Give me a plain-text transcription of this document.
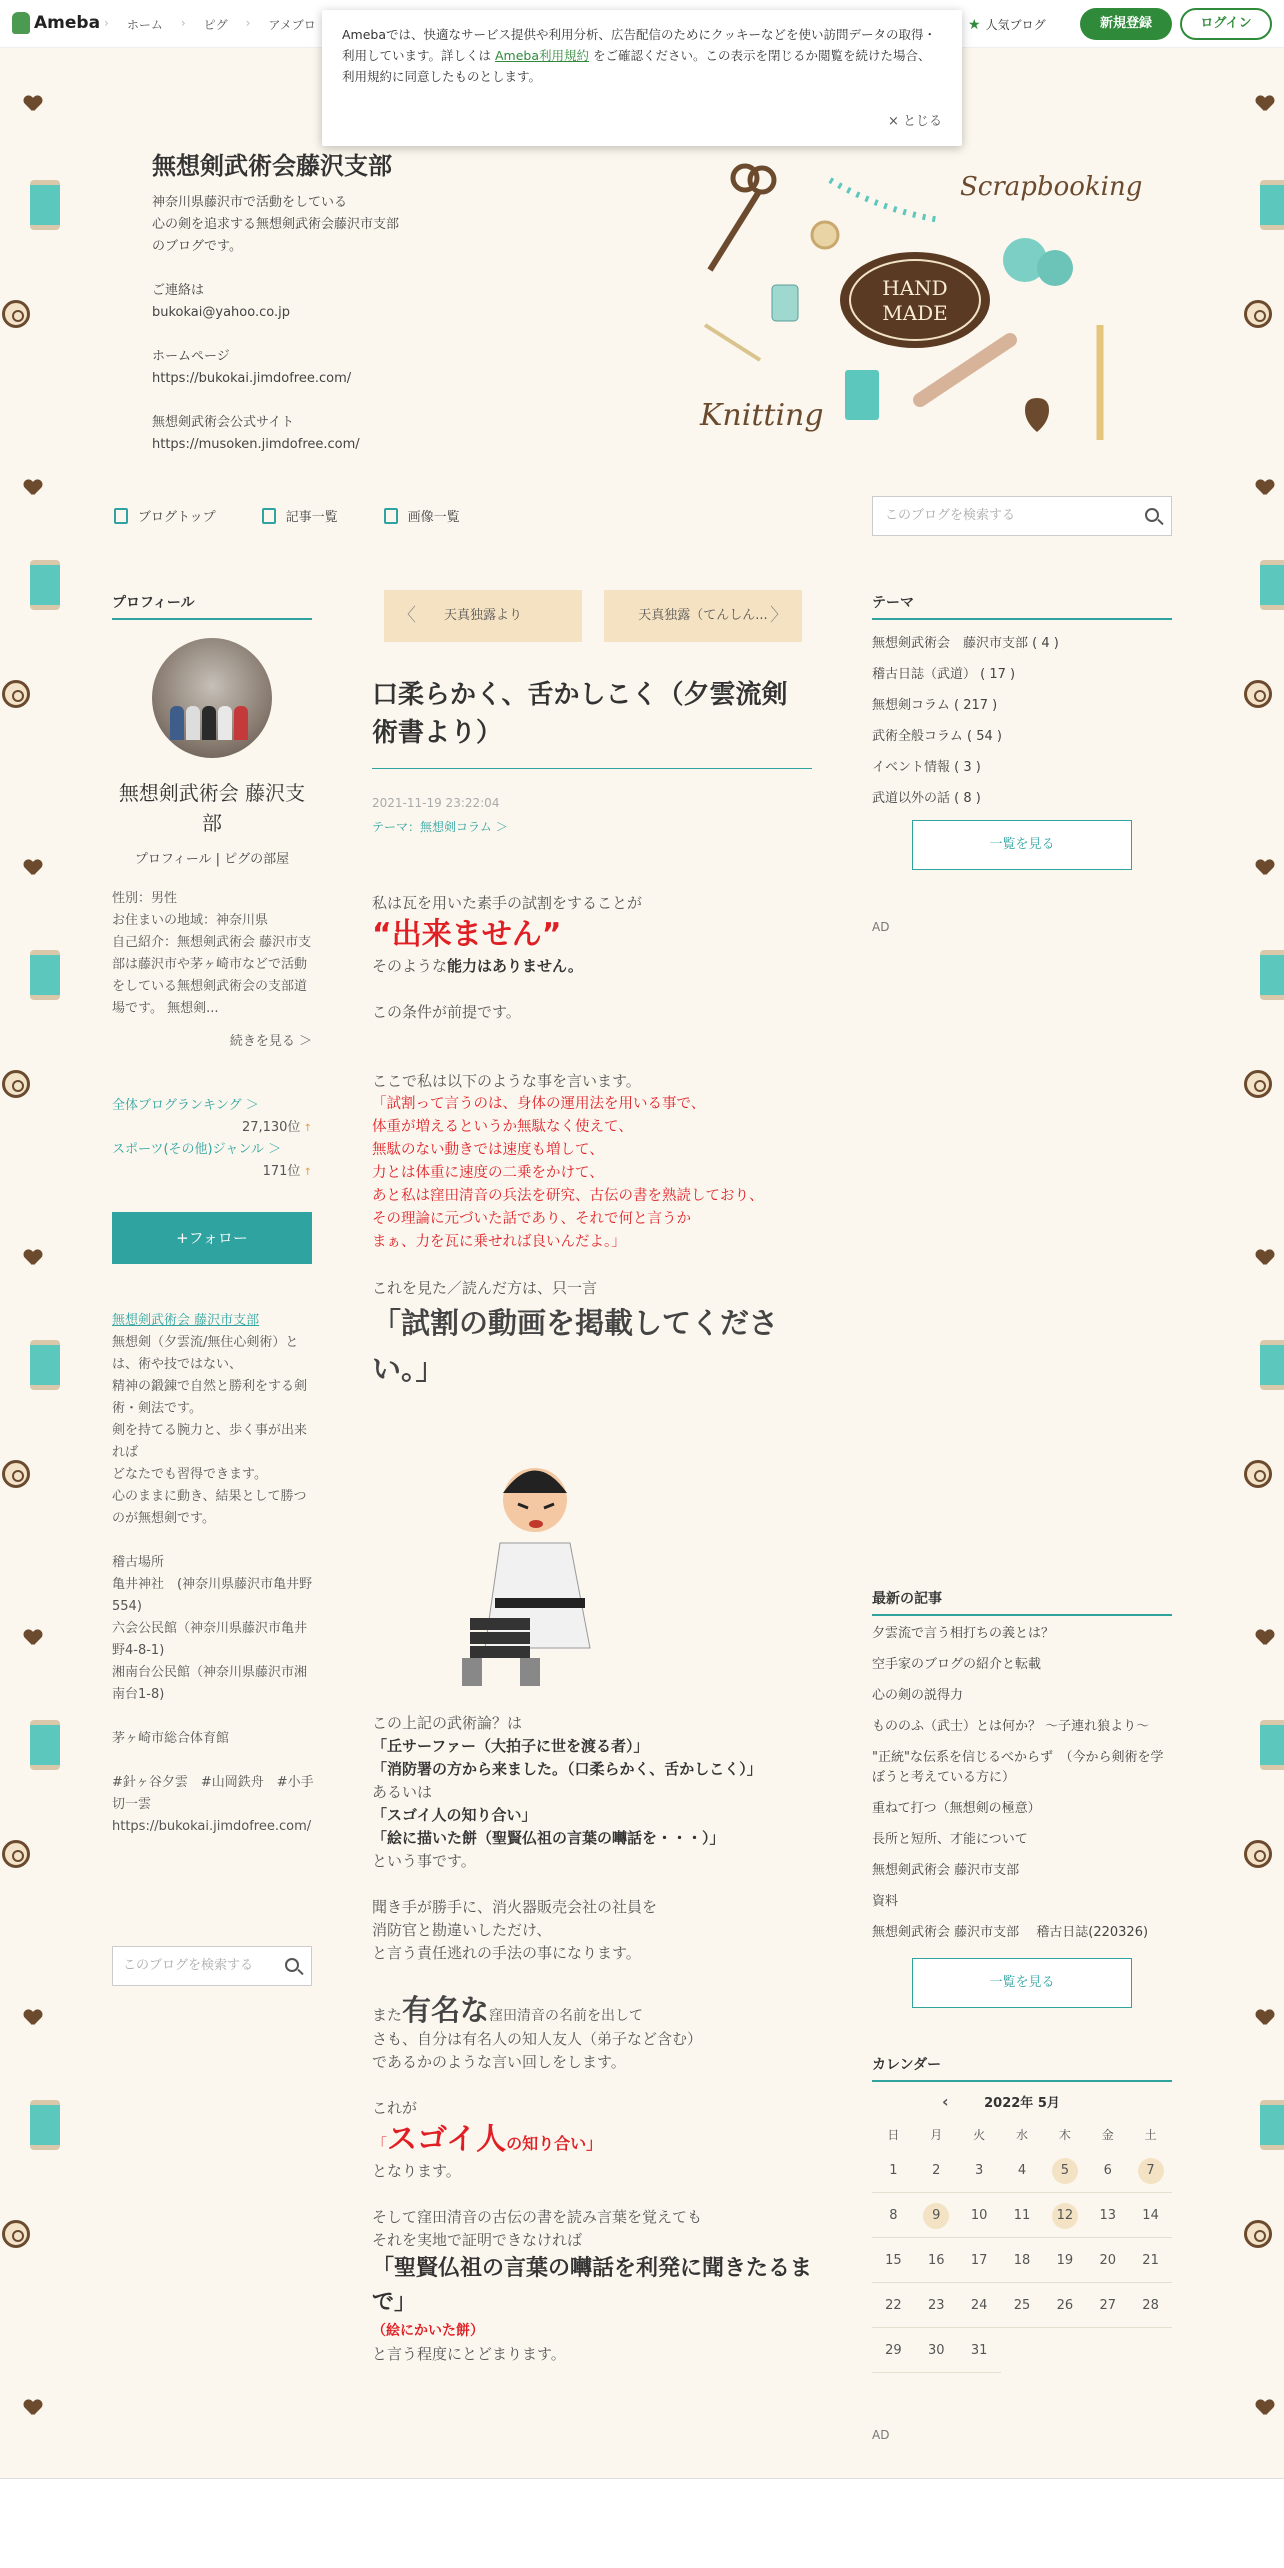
Ameba › ホーム › ピグ › アメブロ	★ 人気ブログ	新規登録	ログイン
Amebaでは、快適なサービス提供や利用分析、広告配信のためにクッキーなどを使い訪問データの取得・利用しています。詳しくは Ameba利用規約 をご確認ください。この表示を閉じるか閲覧を続けた場合、利用規約に同意したものとします。
× とじる
無想剣武術会藤沢支部
神奈川県藤沢市で活動をしている
心の剣を追求する無想剣武術会藤沢市支部
のブログです。

ご連絡は
bukokai@yahoo.co.jp

ホームページ
https://bukokai.jimdofree.com/

無想剣武術会公式サイト
https://musoken.jimdofree.com/
Scrapbooking
HAND
MADE
Knitting
ブログトップ	記事一覧	画像一覧	このブログを検索する
プロフィール
無想剣武術会 藤沢支部
プロフィール | ピグの部屋
性別：男性
お住まいの地域：神奈川県
自己紹介：無想剣武術会 藤沢市支部は藤沢市や茅ヶ崎市などで活動をしている無想剣武術会の支部道場です。 無想剣...
続きを見る ＞
全体ブログランキング ＞
27,130位 ↑
スポーツ(その他)ジャンル ＞
171位 ↑
+フォロー
無想剣武術会 藤沢市支部
無想剣（夕雲流/無住心剣術）とは、術や技ではない、
精神の鍛錬で自然と勝利をする剣術・剣法です。
剣を持てる腕力と、歩く事が出来れば
どなたでも習得できます。
心のままに動き、結果として勝つのが無想剣です。

稽古場所
亀井神社　(神奈川県藤沢市亀井野554)
六会公民館（神奈川県藤沢市亀井野4-8-1)
湘南台公民館（神奈川県藤沢市湘南台1-8)

茅ヶ崎市総合体育館

#針ヶ谷夕雲　#山岡鉄舟　#小手切一雲
https://bukokai.jimdofree.com/
このブログを検索する
〈 天真独露より	天真独露（てんしん... 〉
口柔らかく、舌かしこく（夕雲流剣術書より）
2021-11-19 23:22:04
テーマ：無想剣コラム ＞
私は瓦を用いた素手の試割をすることが
“出来ません”
そのような能力はありません。
この条件が前提です。
ここで私は以下のような事を言います。
「試割って言うのは、身体の運用法を用いる事で、
体重が増えるというか無駄なく使えて、
無駄のない動きでは速度も増して、
力とは体重に速度の二乗をかけて、
あと私は窪田清音の兵法を研究、古伝の書を熟読しており、
その理論に元づいた話であり、それで何と言うか
まぁ、力を瓦に乗せれば良いんだよ。」
これを見た／読んだ方は、只一言
「試割の動画を掲載してください。」
この上記の武術論？は
「丘サーファー（大拍子に世を渡る者）」
「消防署の方から来ました。（口柔らかく、舌かしこく）」
あるいは
「スゴイ人の知り合い」
「絵に描いた餅（聖賢仏祖の言葉の囀話を・・・）」
という事です。
聞き手が勝手に、消火器販売会社の社員を
消防官と勘違いしただけ、
と言う責任逃れの手法の事になります。
また有名な窪田清音の名前を出して
さも、自分は有名人の知人友人（弟子など含む）
であるかのような言い回しをします。
これが
「スゴイ人の知り合い」
となります。
そして窪田清音の古伝の書を読み言葉を覚えても
それを実地で証明できなければ
「聖賢仏祖の言葉の囀話を利発に聞きたるまで」
（絵にかいた餅）
と言う程度にとどまります。
テーマ
無想剣武術会　藤沢市支部 ( 4 )
稽古日誌（武道） ( 17 )
無想剣コラム ( 217 )
武術全般コラム ( 54 )
イベント情報 ( 3 )
武道以外の話 ( 8 )
一覧を見る
AD
最新の記事
夕雲流で言う相打ちの義とは？
空手家のブログの紹介と転載
心の剣の説得力
もののふ（武士）とは何か？ ～子連れ狼より～
"正統"な伝系を信じるべからず　（今から剣術を学ぼうと考えている方に）
重ねて打つ（無想剣の極意）
長所と短所、才能について
無想剣武術会 藤沢市支部
資料
無想剣武術会 藤沢市支部　 稽古日誌(220326)
一覧を見る
カレンダー
‹	2022年 5月
日	月	火	水	木	金	土
1	2	3	4	5	6	7
8	9	10	11	12	13	14
15	16	17	18	19	20	21
22	23	24	25	26	27	28
29	30	31
AD
